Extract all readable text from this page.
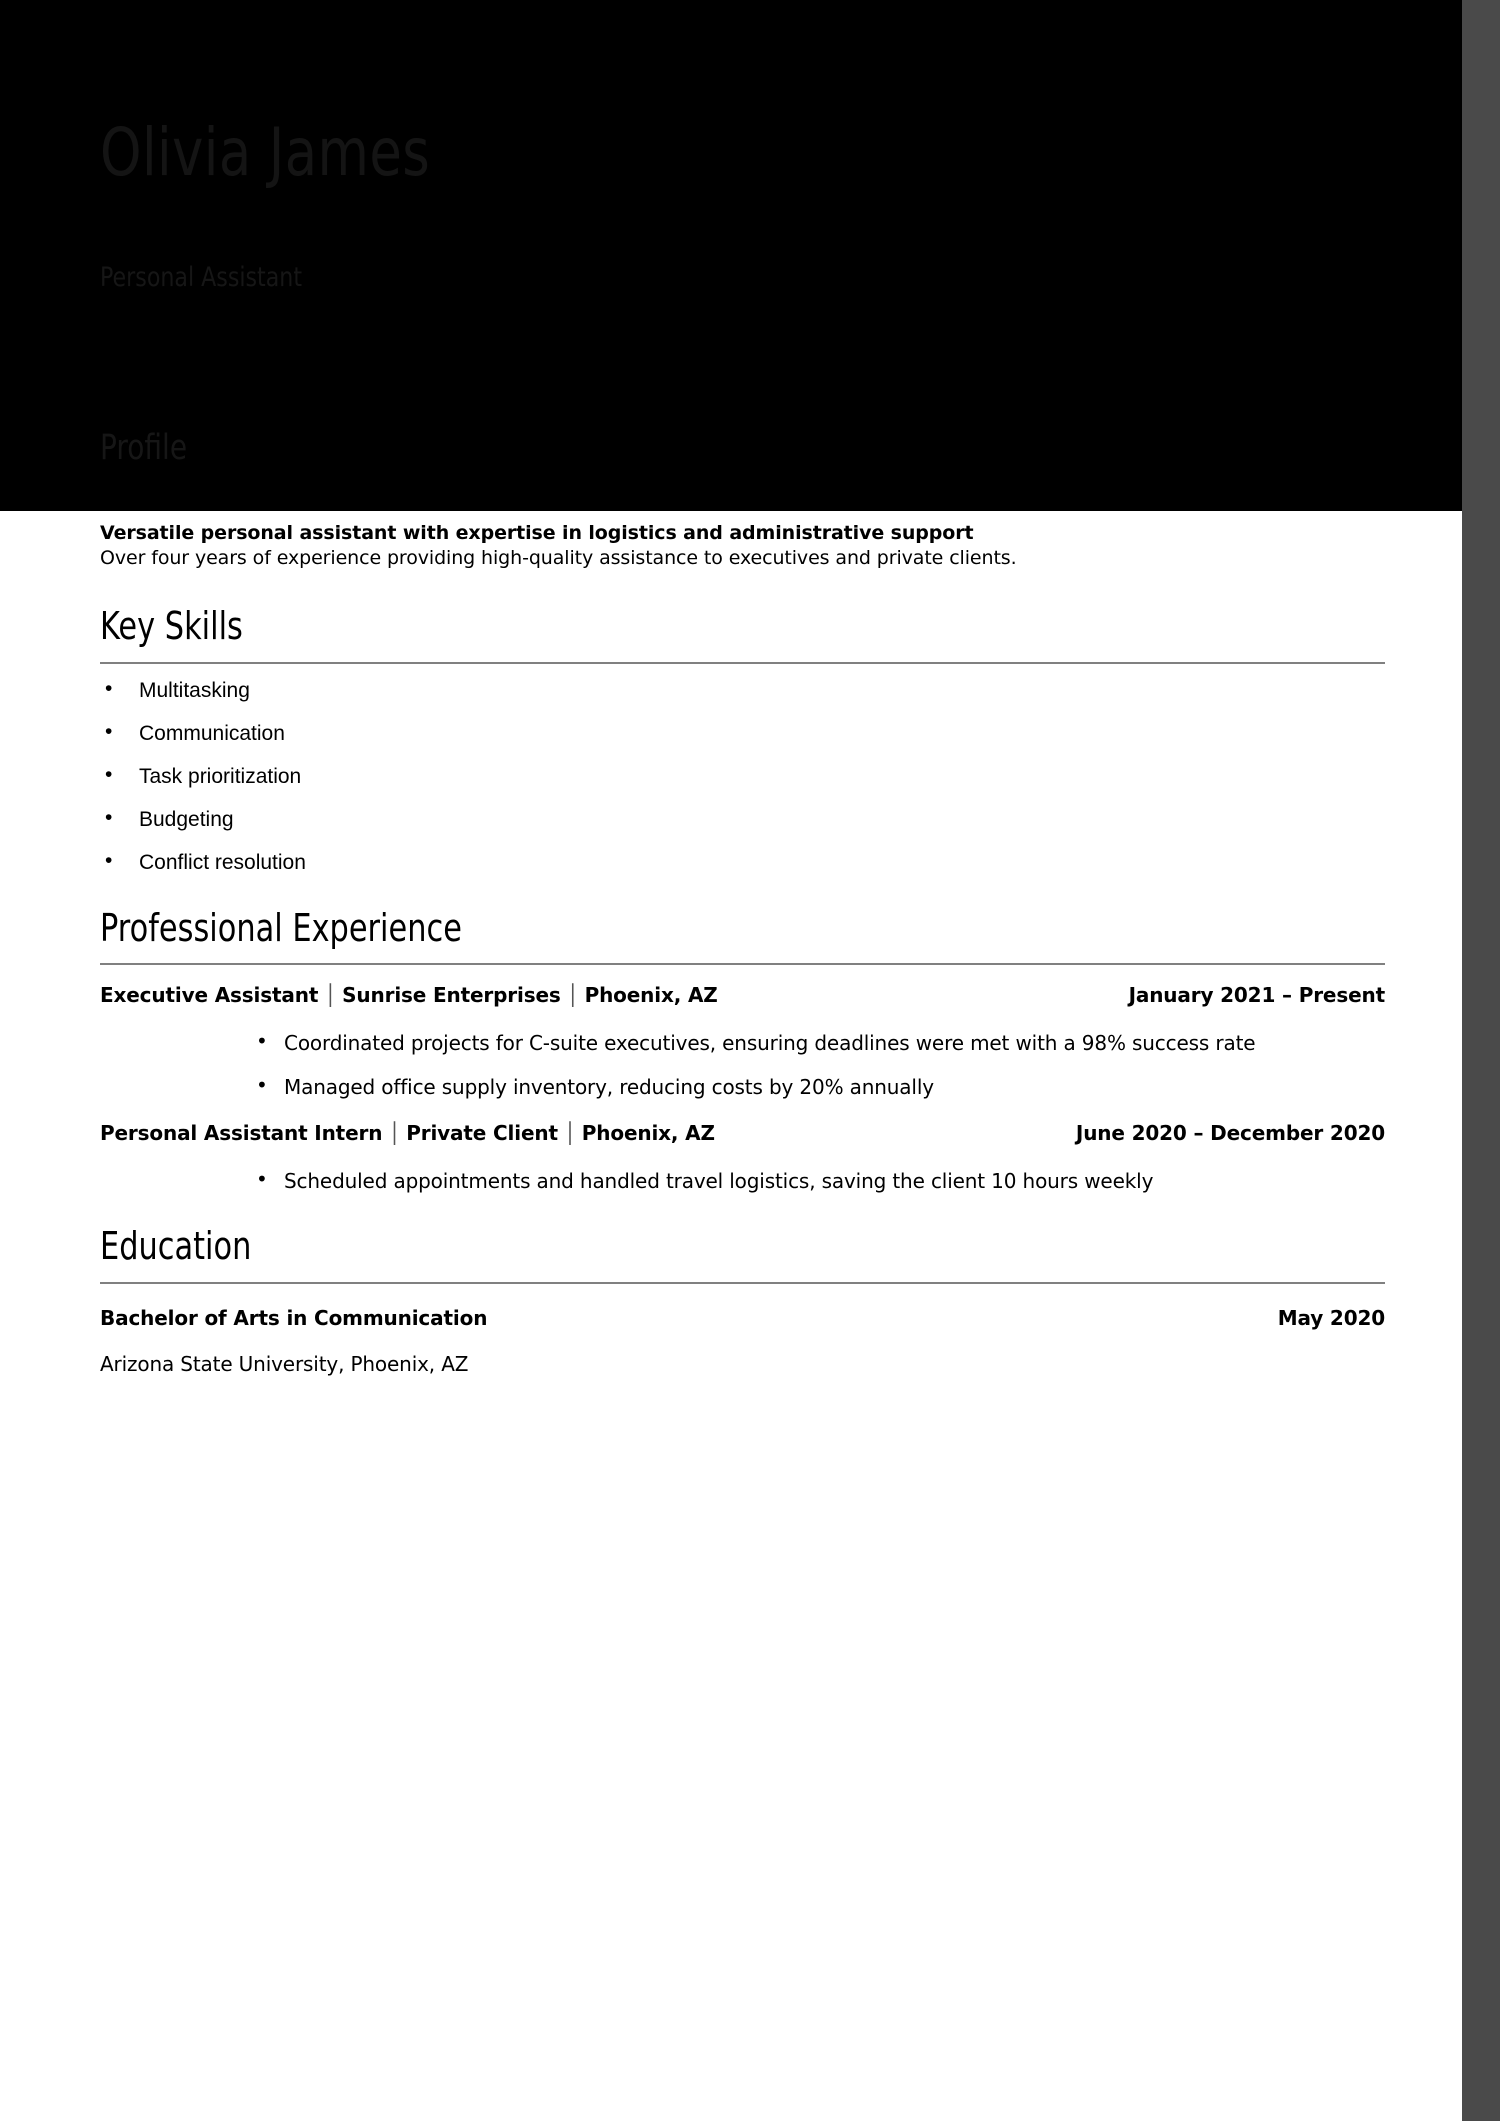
Olivia James
Personal Assistant
Profile
Versatile personal assistant with expertise in logistics and administrative support
Over four years of experience providing high-quality assistance to executives and private clients.
Key Skills
• Multitasking
• Communication
• Task prioritization
• Budgeting
• Conflict resolution
Professional Experience
Executive Assistant │ Sunrise Enterprises │ Phoenix, AZ	January 2021 – Present
• Coordinated projects for C-suite executives, ensuring deadlines were met with a 98% success rate
• Managed office supply inventory, reducing costs by 20% annually
Personal Assistant Intern │ Private Client │ Phoenix, AZ	June 2020 – December 2020
• Scheduled appointments and handled travel logistics, saving the client 10 hours weekly
Education
Bachelor of Arts in Communication	May 2020
Arizona State University, Phoenix, AZ
